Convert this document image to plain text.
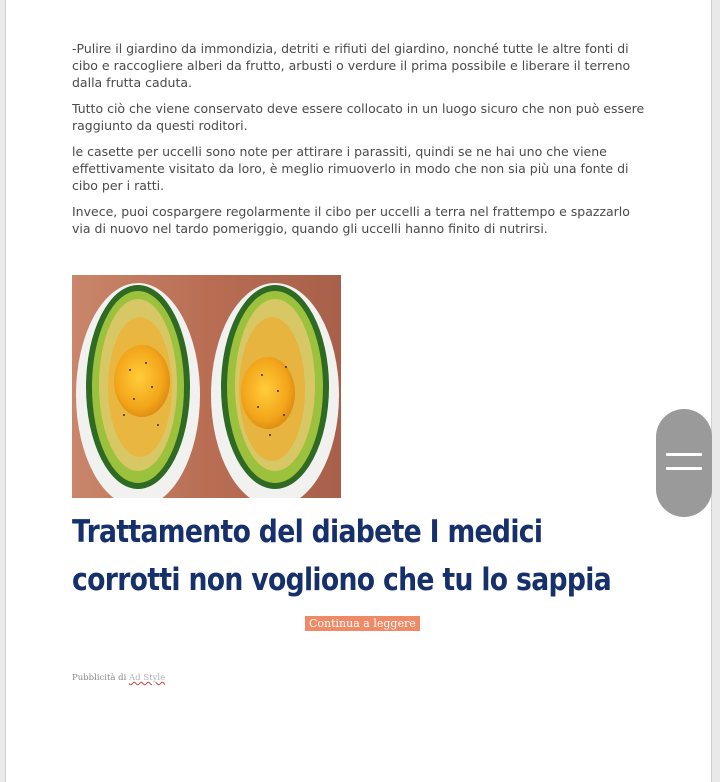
-Pulire il giardino da immondizia, detriti e rifiuti del giardino, nonché tutte le altre fonti di cibo e raccogliere alberi da frutto, arbusti o verdure il prima possibile e liberare il terreno dalla frutta caduta.

Tutto ciò che viene conservato deve essere collocato in un luogo sicuro che non può essere raggiunto da questi roditori.

le casette per uccelli sono note per attirare i parassiti, quindi se ne hai uno che viene effettivamente visitato da loro, è meglio rimuoverlo in modo che non sia più una fonte di cibo per i ratti.

Invece, puoi cospargere regolarmente il cibo per uccelli a terra nel frattempo e spazzarlo via di nuovo nel tardo pomeriggio, quando gli uccelli hanno finito di nutrirsi.

Trattamento del diabete I medici corrotti non vogliono che tu lo sappia
Continua a leggere
Pubblicità di Ad Style
